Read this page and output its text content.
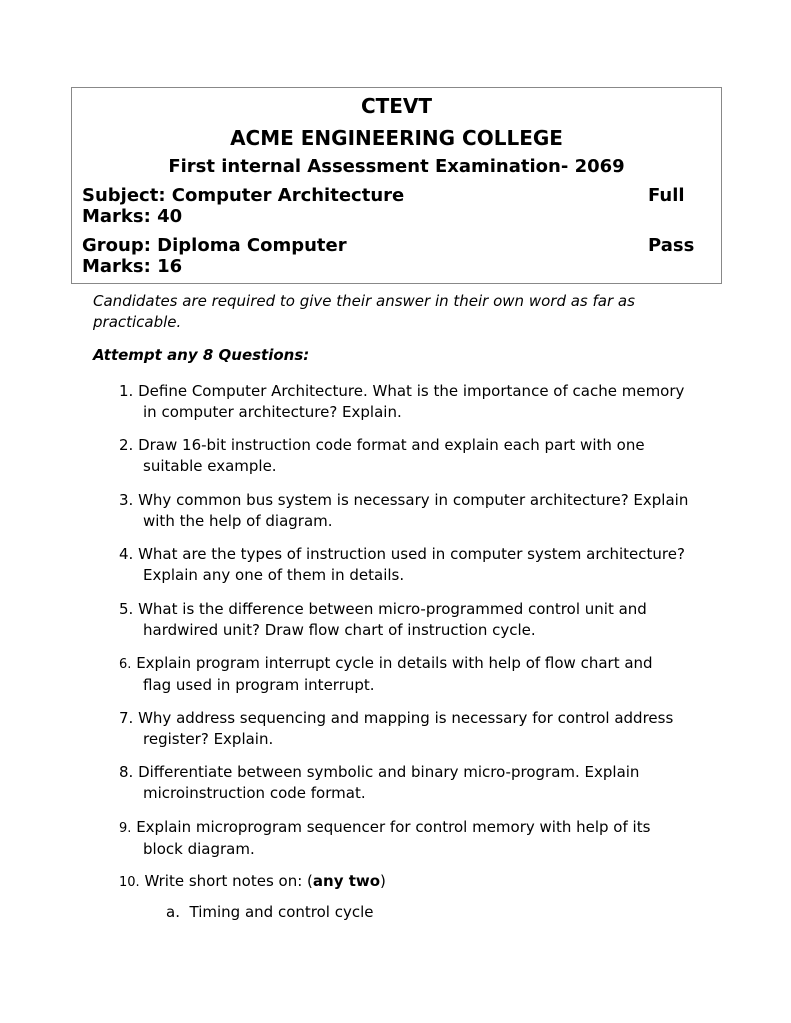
CTEVT
ACME ENGINEERING COLLEGE
First internal Assessment Examination- 2069
Subject: Computer Architecture
Marks: 40
Full
Group: Diploma Computer
Marks: 16
Pass
Candidates are required to give their answer in their own word as far as
practicable.
Attempt any 8 Questions:
1. Define Computer Architecture. What is the importance of cache memory
in computer architecture? Explain.
2. Draw 16-bit instruction code format and explain each part with one
suitable example.
3. Why common bus system is necessary in computer architecture? Explain
with the help of diagram.
4. What are the types of instruction used in computer system architecture?
Explain any one of them in details.
5. What is the difference between micro-programmed control unit and
hardwired unit? Draw flow chart of instruction cycle.
6. Explain program interrupt cycle in details with help of flow chart and
flag used in program interrupt.
7. Why address sequencing and mapping is necessary for control address
register? Explain.
8. Differentiate between symbolic and binary micro-program. Explain
microinstruction code format.
9. Explain microprogram sequencer for control memory with help of its
block diagram.
10. Write short notes on: (any two)
a. Timing and control cycle
